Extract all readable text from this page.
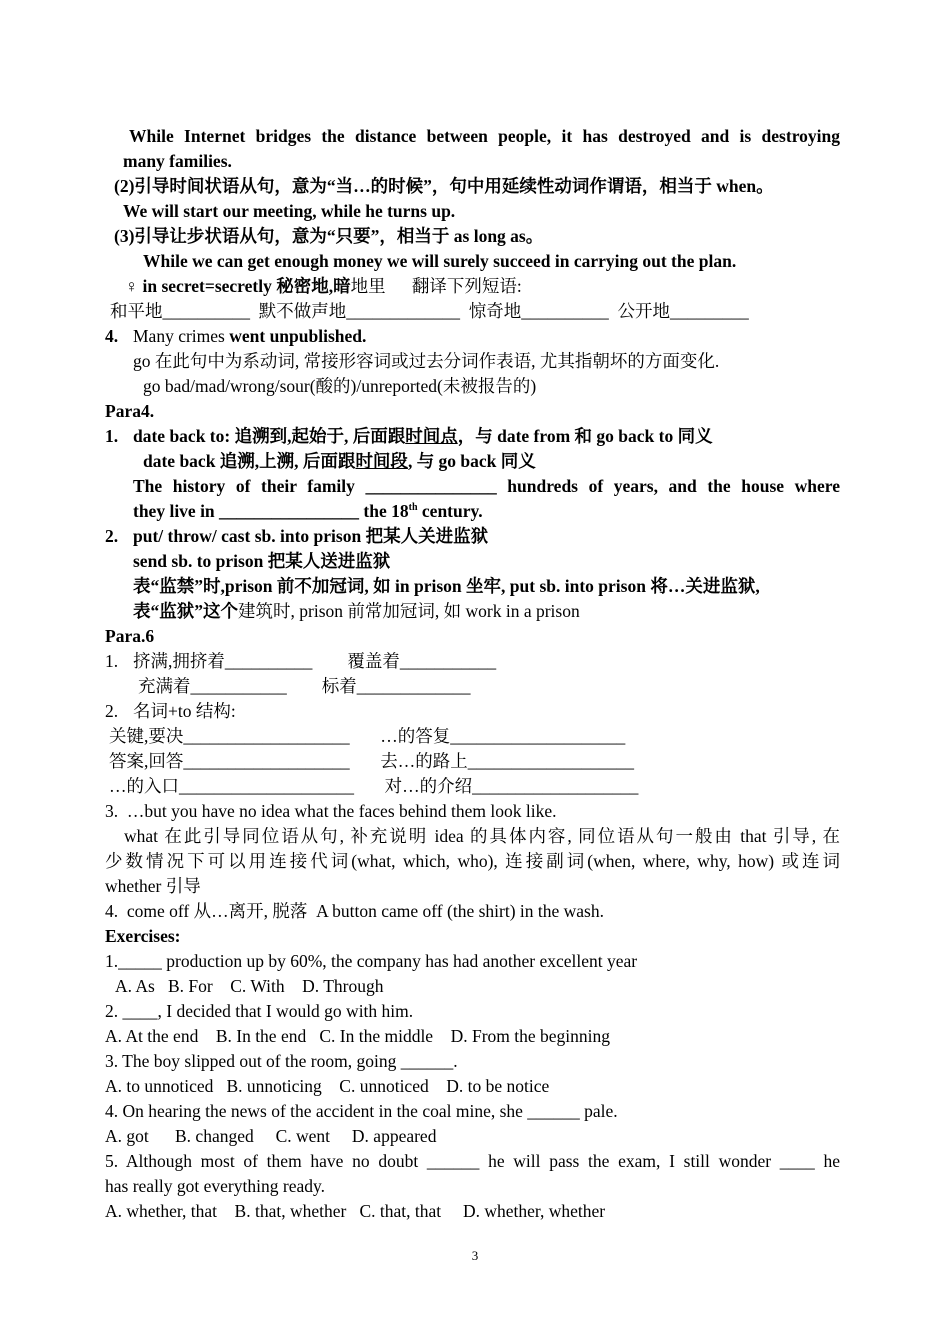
While Internet bridges the distance between people, it has destroyed and is destroying
many families.
(2)引导时间状语从句，意为“当…的时候”，句中用延续性动词作谓语，相当于 when。
We will start our meeting, while he turns up.
(3)引导让步状语从句，意为“只要”，相当于 as long as。
While we can get enough money we will surely succeed in carrying out the plan.
♀ in secret=secretly 秘密地,暗地里      翻译下列短语:
和平地__________  默不做声地_____________  惊奇地__________  公开地_________
4. Many crimes went unpublished.
go 在此句中为系动词, 常接形容词或过去分词作表语, 尤其指朝坏的方面变化.
go bad/mad/wrong/sour(酸的)/unreported(未被报告的)
Para4.
1. date back to: 追溯到,起始于, 后面跟时间点，与 date from 和 go back to 同义
date back 追溯,上溯, 后面跟时间段, 与 go back 同义
The history of their family _______________ hundreds of years, and the house where
they live in ________________ the 18th century.
2. put/ throw/ cast sb. into prison 把某人关进监狱
send sb. to prison 把某人送进监狱
表“监禁”时,prison 前不加冠词, 如 in prison 坐牢, put sb. into prison 将…关进监狱,
表“监狱”这个建筑时, prison 前常加冠词, 如 work in a prison
Para.6
1. 挤满,拥挤着__________        覆盖着___________
充满着___________        标着_____________
2. 名词+to 结构:
关键,要决___________________       …的答复____________________
答案,回答___________________       去…的路上___________________
…的入口____________________       对…的介绍___________________
3.  …but you have no idea what the faces behind them look like.
what 在此引导同位语从句, 补充说明 idea 的具体内容, 同位语从句一般由 that 引导, 在
少数情况下可以用连接代词(what, which, who), 连接副词(when, where, why, how) 或连词
whether 引导
4.  come off 从…离开, 脱落  A button came off (the shirt) in the wash.
Exercises:
1._____ production up by 60%, the company has had another excellent year
A. As   B. For    C. With    D. Through
2. ____, I decided that I would go with him.
A. At the end    B. In the end   C. In the middle    D. From the beginning
3. The boy slipped out of the room, going ______.
A. to unnoticed   B. unnoticing    C. unnoticed    D. to be notice
4. On hearing the news of the accident in the coal mine, she ______ pale.
A. got      B. changed     C. went     D. appeared
5. Although most of them have no doubt ______ he will pass the exam, I still wonder ____ he
has really got everything ready.
A. whether, that    B. that, whether   C. that, that     D. whether, whether
3
